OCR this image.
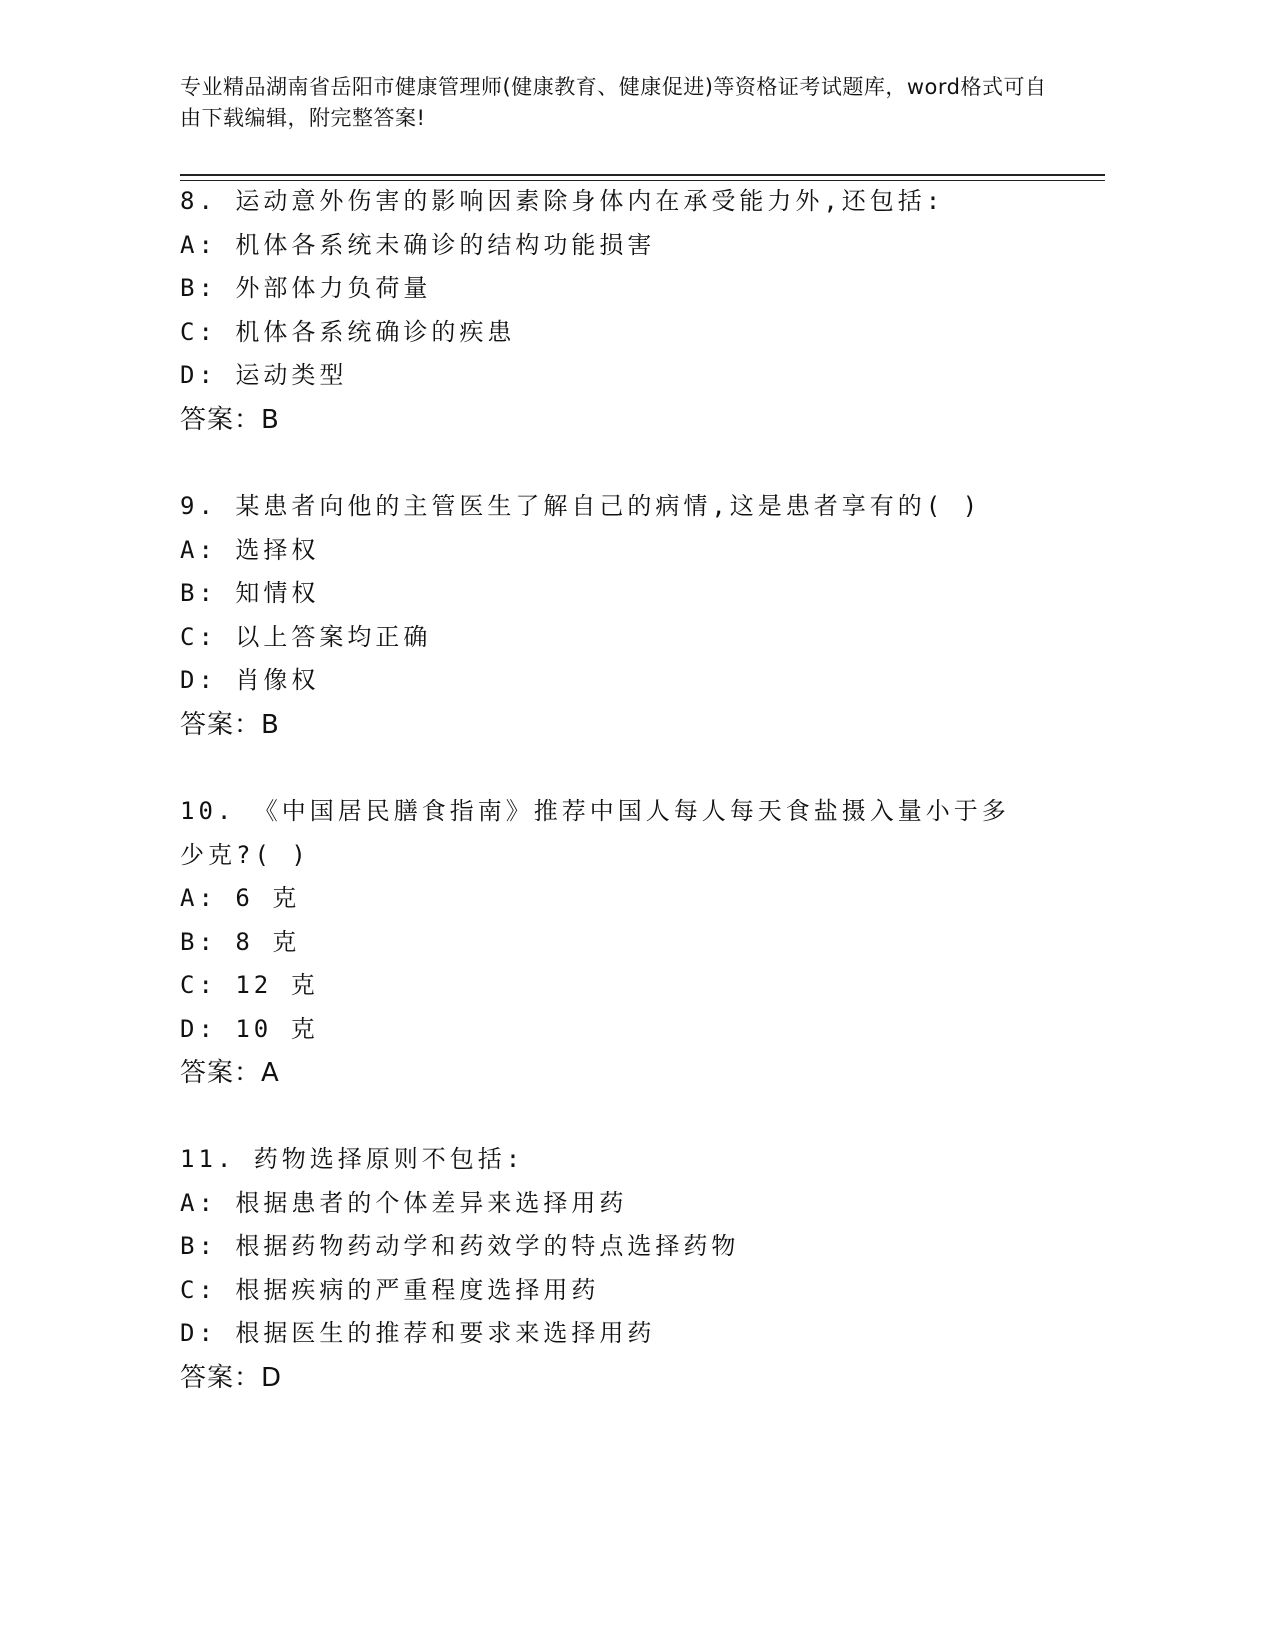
专业精品湖南省岳阳市健康管理师(健康教育、健康促进)等资格证考试题库，word格式可自由下载编辑，附完整答案!
8. 运动意外伤害的影响因素除身体内在承受能力外,还包括:
A: 机体各系统未确诊的结构功能损害
B: 外部体力负荷量
C: 机体各系统确诊的疾患
D: 运动类型
答案：B
9. 某患者向他的主管医生了解自己的病情,这是患者享有的( )
A: 选择权
B: 知情权
C: 以上答案均正确
D: 肖像权
答案：B
10. 《中国居民膳食指南》推荐中国人每人每天食盐摄入量小于多少克?( )
A: 6 克
B: 8 克
C: 12 克
D: 10 克
答案：A
11. 药物选择原则不包括:
A: 根据患者的个体差异来选择用药
B: 根据药物药动学和药效学的特点选择药物
C: 根据疾病的严重程度选择用药
D: 根据医生的推荐和要求来选择用药
答案：D
